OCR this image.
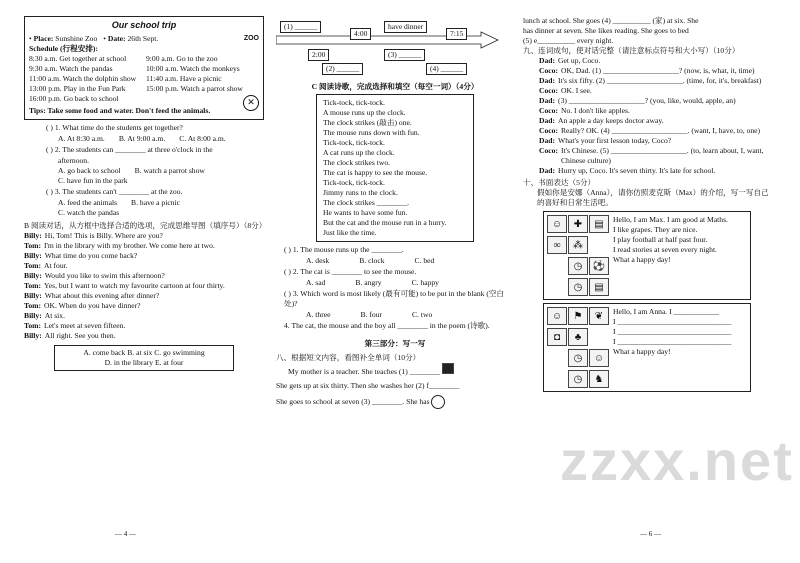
Our school trip
• Place: Sunshine Zoo • Date: 26th Sept.	ZOO
Schedule (行程安排):
8:30 a.m. Get together at school	9:00 a.m. Go to the zoo
9:30 a.m. Watch the pandas	10:00 a.m. Watch the monkeys
11:00 a.m. Watch the dolphin show	11:40 a.m. Have a picnic
13:00 p.m. Play in the Fun Park	15:00 p.m. Watch a parrot show
16:00 p.m. Go back to school
Tips: Take some food and water. Don't feed the animals.
✕
( ) 1. What time do the students get together?
A. At 8:30 a.m. B. At 9:00 a.m. C. At 8:00 a.m.
( ) 2. The students can ________ at three o'clock in the
afternoon.
A. go back to school B. watch a parrot show
C. have fun in the park
( ) 3. The students can't ________ at the zoo.
A. feed the animals B. have a picnic
C. watch the pandas
B 阅读对话，从方框中选择合适的选项，完成思维导图（填序号）（8分）
Billy: Hi, Tom! This is Billy. Where are you?
Tom: I'm in the library with my brother. We come here at two.
Billy: What time do you come back?
Tom: At four.
Billy: Would you like to swim this afternoon?
Tom: Yes, but I want to watch my favourite cartoon at four thirty.
Billy: What about this evening after dinner?
Tom: OK. When do you have dinner?
Billy: At six.
Tom: Let's meet at seven fifteen.
Billy: All right. See you then.
A. come back B. at six C. go swimming
D. in the library E. at four
— 4 —
(1) ______
4:00
have dinner
7:15
2:00
(2) ______
(3) ______
(4) ______
C 阅读诗歌，完成选择和填空（每空一词）（4分）
Tick-tock, tick-tock.
A mouse runs up the clock.
The clock strikes (敲击) one.
The mouse runs down with fun.
Tick-tock, tick-tock.
A cat runs up the clock.
The clock strikes two.
The cat is happy to see the mouse.
Tick-tock, tick-tock.
Jimmy runs to the clock.
The clock strikes ________.
He wants to have some fun.
But the cat and the mouse run in a hurry.
Just like the time.
( ) 1. The mouse runs up the ________.
A. desk	B. clock	C. bed
( ) 2. The cat is ________ to see the mouse.
A. sad	B. angry	C. happy
( ) 3. Which word is most likely (最有可能) to be put in the blank (空白处)?
A. three	B. four	C. two
4. The cat, the mouse and the boy all ________ in the poem (诗歌).
第三部分：写一写
八、根据短文内容，看图补全单词（10分）
My mother is a teacher. She teaches (1) ________
She gets up at six thirty. Then she washes her (2) f________
She goes to school at seven (3) ________. She has
— 6 —
lunch at school. She goes (4) __________ (家) at six. She
has dinner at seven. She likes reading. She goes to bed
(5) e__________ every night.
九、连词成句，使对话完整（请注意标点符号和大小写）（10分）
Dad: Get up, Coco.
Coco: OK, Dad. (1) ____________________? (now, is, what, it, time)
Dad: It's six fifty. (2) ____________________. (time, for, it's, breakfast)
Coco: OK. I see.
Dad: (3) ____________________? (you, like, would, apple, an)
Coco: No. I don't like apples.
Dad: An apple a day keeps doctor away.
Coco: Really? OK. (4) ____________________. (want, I, have, to, one)
Dad: What's your first lesson today, Coco?
Coco: It's Chinese. (5) ____________________. (to, learn about, I, want, Chinese culture)
Dad: Hurry up, Coco. It's seven thirty. It's late for school.
十、书面表达（5分）
假如你是安娜（Anna），请你仿照麦克斯（Max）的介绍，写一写自己的喜好和日常生活吧。
☺	✚	▤
∞	⁂
◷	⚽
◷	▤
Hello, I am Max. I am good at Maths.
I like grapes. They are nice.
I play football at half past four.
I read stories at seven every night.
What a happy day!
☺	⚑	❦
◘	♣
◷	☺
◷	♞
Hello, I am Anna. I ____________
I ______________________________
I ______________________________
I ______________________________
What a happy day!
zzxx.net
